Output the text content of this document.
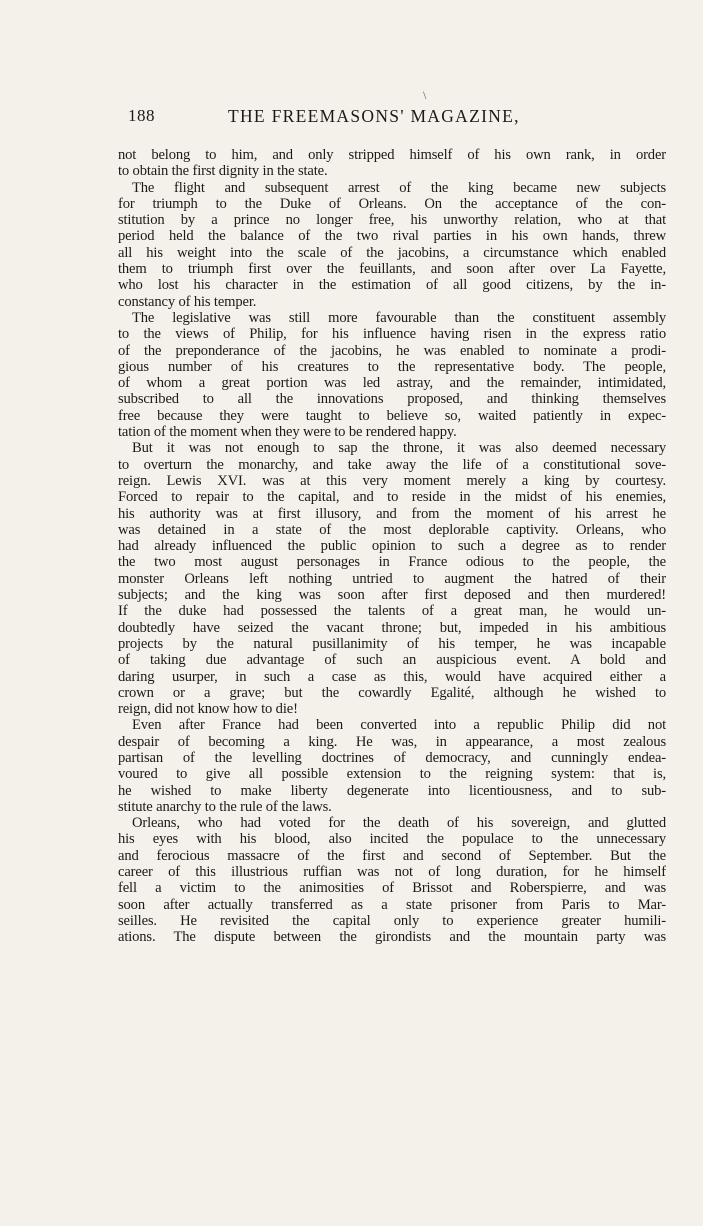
\
188	THE FREEMASONS' MAGAZINE,
not belong to him, and only stripped himself of his own rank, in order
to obtain the first dignity in the state.
The flight and subsequent arrest of the king became new subjects
for triumph to the Duke of Orleans. On the acceptance of the con-
stitution by a prince no longer free, his unworthy relation, who at that
period held the balance of the two rival parties in his own hands, threw
all his weight into the scale of the jacobins, a circumstance which enabled
them to triumph first over the feuillants, and soon after over La Fayette,
who lost his character in the estimation of all good citizens, by the in-
constancy of his temper.
The legislative was still more favourable than the constituent assembly
to the views of Philip, for his influence having risen in the express ratio
of the preponderance of the jacobins, he was enabled to nominate a prodi-
gious number of his creatures to the representative body. The people,
of whom a great portion was led astray, and the remainder, intimidated,
subscribed to all the innovations proposed, and thinking themselves
free because they were taught to believe so, waited patiently in expec-
tation of the moment when they were to be rendered happy.
But it was not enough to sap the throne, it was also deemed necessary
to overturn the monarchy, and take away the life of a constitutional sove-
reign. Lewis XVI. was at this very moment merely a king by courtesy.
Forced to repair to the capital, and to reside in the midst of his enemies,
his authority was at first illusory, and from the moment of his arrest he
was detained in a state of the most deplorable captivity. Orleans, who
had already influenced the public opinion to such a degree as to render
the two most august personages in France odious to the people, the
monster Orleans left nothing untried to augment the hatred of their
subjects; and the king was soon after first deposed and then murdered!
If the duke had possessed the talents of a great man, he would un-
doubtedly have seized the vacant throne; but, impeded in his ambitious
projects by the natural pusillanimity of his temper, he was incapable
of taking due advantage of such an auspicious event. A bold and
daring usurper, in such a case as this, would have acquired either a
crown or a grave; but the cowardly Egalité, although he wished to
reign, did not know how to die!
Even after France had been converted into a republic Philip did not
despair of becoming a king. He was, in appearance, a most zealous
partisan of the levelling doctrines of democracy, and cunningly endea-
voured to give all possible extension to the reigning system: that is,
he wished to make liberty degenerate into licentiousness, and to sub-
stitute anarchy to the rule of the laws.
Orleans, who had voted for the death of his sovereign, and glutted
his eyes with his blood, also incited the populace to the unnecessary
and ferocious massacre of the first and second of September. But the
career of this illustrious ruffian was not of long duration, for he himself
fell a victim to the animosities of Brissot and Roberspierre, and was
soon after actually transferred as a state prisoner from Paris to Mar-
seilles. He revisited the capital only to experience greater humili-
ations. The dispute between the girondists and the mountain party was
